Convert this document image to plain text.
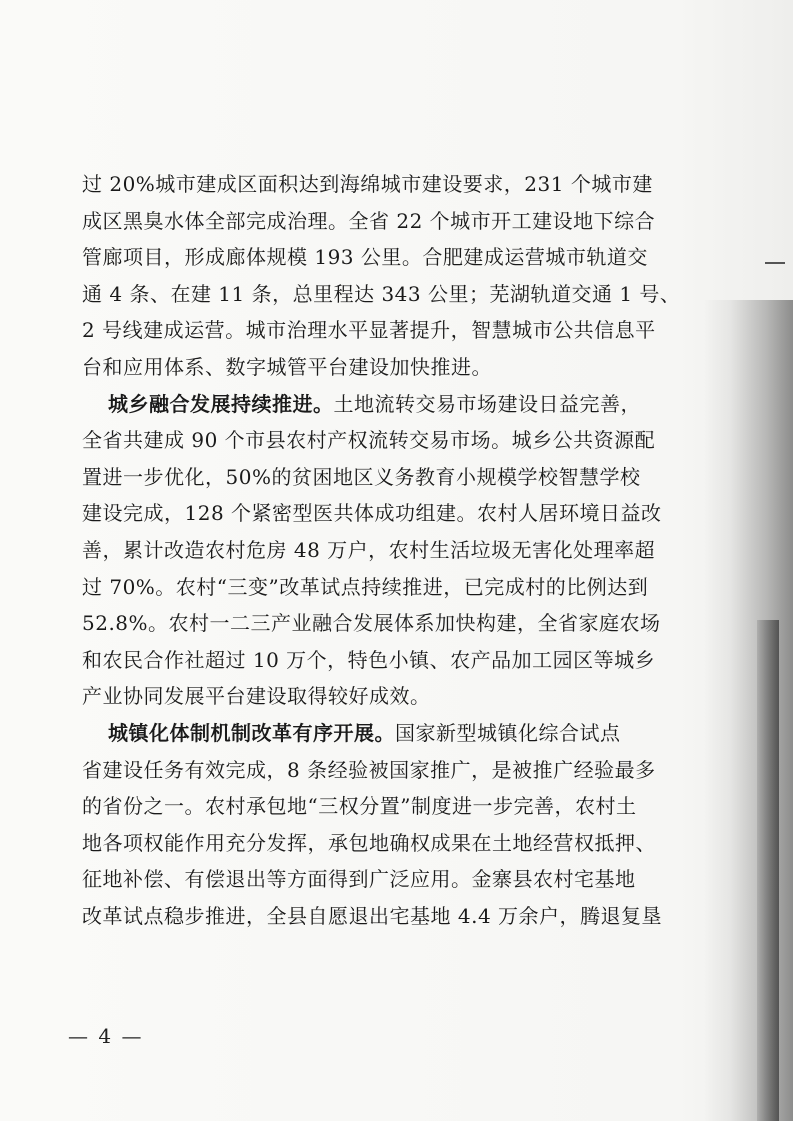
过 20%城市建成区面积达到海绵城市建设要求，231 个城市建
成区黑臭水体全部完成治理。全省 22 个城市开工建设地下综合
管廊项目，形成廊体规模 193 公里。合肥建成运营城市轨道交
通 4 条、在建 11 条，总里程达 343 公里；芜湖轨道交通 1 号、
2 号线建成运营。城市治理水平显著提升，智慧城市公共信息平
台和应用体系、数字城管平台建设加快推进。
城乡融合发展持续推进。土地流转交易市场建设日益完善，
全省共建成 90 个市县农村产权流转交易市场。城乡公共资源配
置进一步优化，50%的贫困地区义务教育小规模学校智慧学校
建设完成，128 个紧密型医共体成功组建。农村人居环境日益改
善，累计改造农村危房 48 万户，农村生活垃圾无害化处理率超
过 70%。农村“三变”改革试点持续推进，已完成村的比例达到
52.8%。农村一二三产业融合发展体系加快构建，全省家庭农场
和农民合作社超过 10 万个，特色小镇、农产品加工园区等城乡
产业协同发展平台建设取得较好成效。
城镇化体制机制改革有序开展。国家新型城镇化综合试点
省建设任务有效完成，8 条经验被国家推广，是被推广经验最多
的省份之一。农村承包地“三权分置”制度进一步完善，农村土
地各项权能作用充分发挥，承包地确权成果在土地经营权抵押、
征地补偿、有偿退出等方面得到广泛应用。金寨县农村宅基地
改革试点稳步推进，全县自愿退出宅基地 4.4 万余户，腾退复垦
— 4 —
